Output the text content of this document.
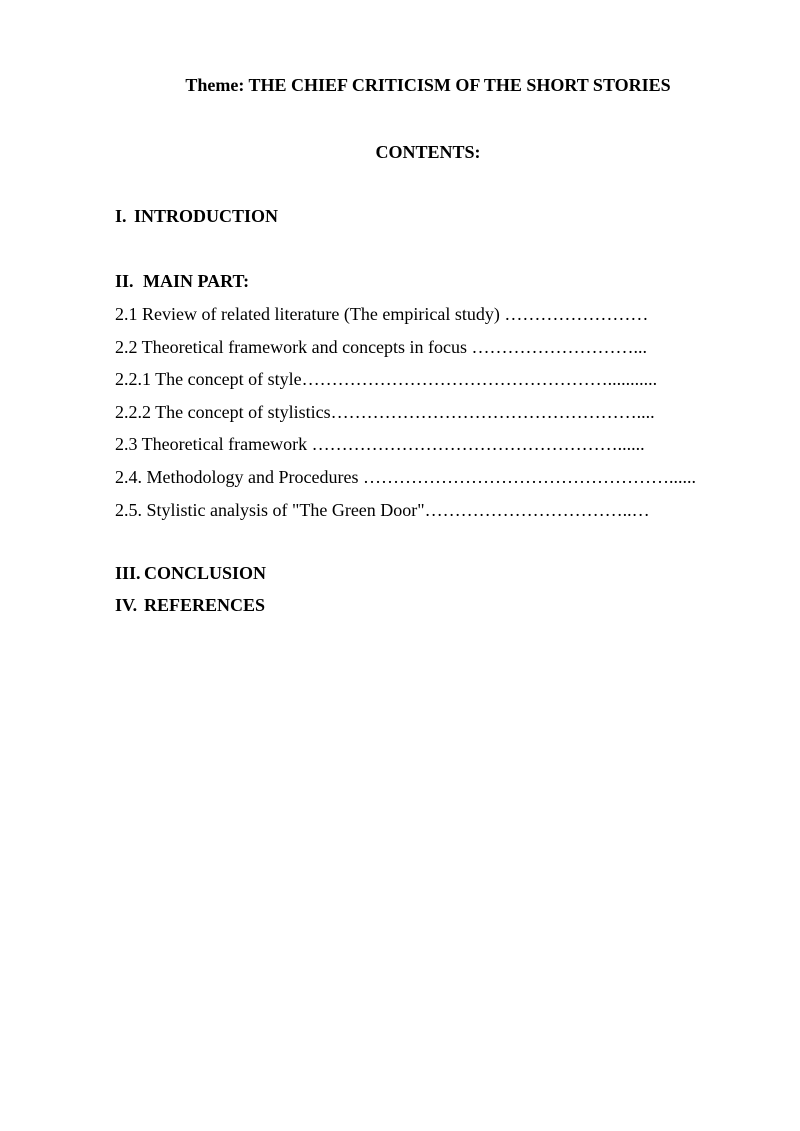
Theme: THE CHIEF CRITICISM OF THE SHORT STORIES
CONTENTS:
I. INTRODUCTION
II. MAIN PART:
2.1 Review of related literature (The empirical study) ……………………
2.2 Theoretical framework and concepts in focus ………………………...
2.2.1 The concept of style……………………………………………...........
2.2.2 The concept of stylistics……………………………………………....
2.3 Theoretical framework ……………………………………………......
2.4. Methodology and Procedures ……………………………………………......
2.5. Stylistic analysis of "The Green Door"……………………………..…
III. CONCLUSION
IV. REFERENCES
